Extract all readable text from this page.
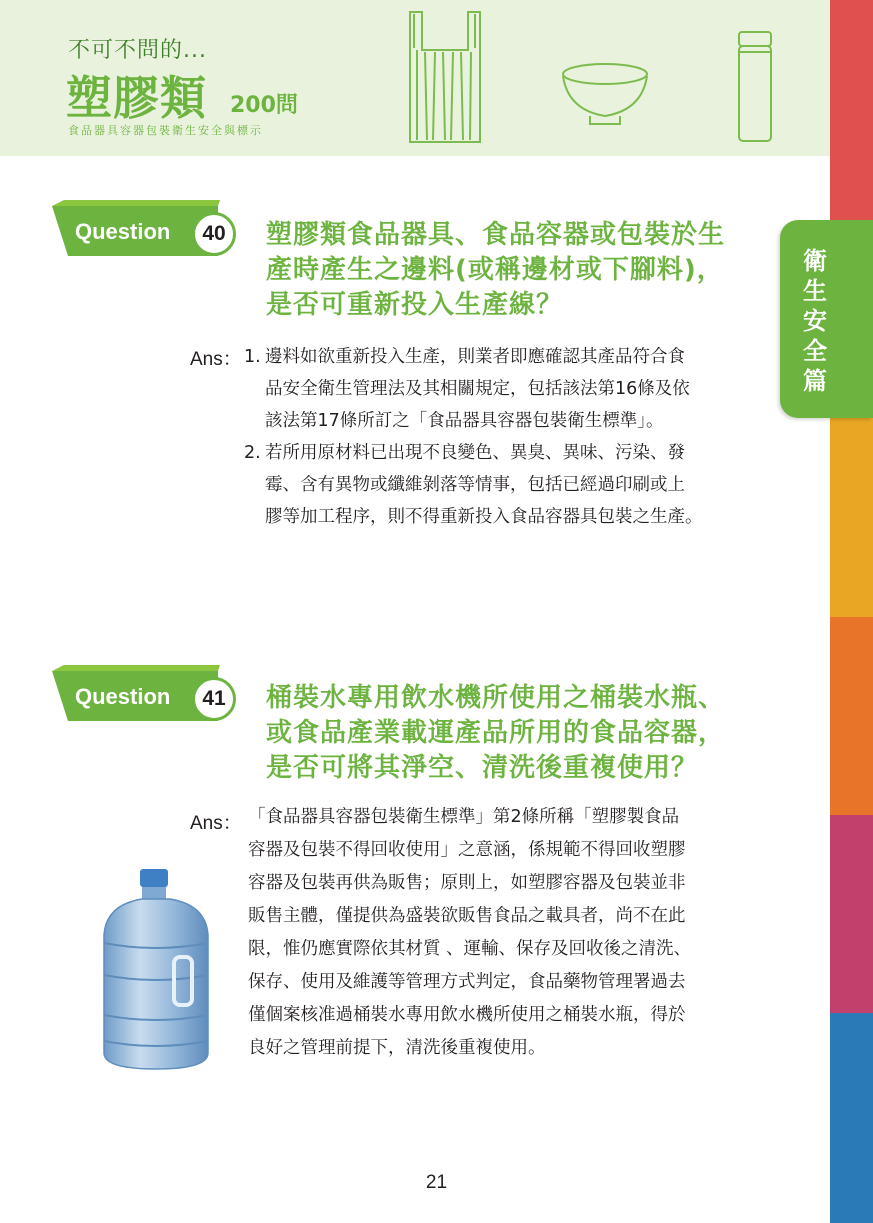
不可不問的...
塑膠類 200問
食品器具容器包裝衛生安全與標示
衛生安全篇
Question	40	塑膠類食品器具、食品容器或包裝於生
產時產生之邊料(或稱邊材或下腳料)，
是否可重新投入生產線？
Ans： 1. 邊料如欲重新投入生產，則業者即應確認其產品符合食
品安全衛生管理法及其相關規定，包括該法第16條及依
該法第17條所訂之「食品器具容器包裝衛生標準」。
2. 若所用原材料已出現不良變色、異臭、異味、污染、發
霉、含有異物或纖維剝落等情事，包括已經過印刷或上
膠等加工程序，則不得重新投入食品容器具包裝之生產。
Question	41	桶裝水專用飲水機所使用之桶裝水瓶、
或食品產業載運產品所用的食品容器，
是否可將其淨空、清洗後重複使用？
Ans： 「食品器具容器包裝衛生標準」第2條所稱「塑膠製食品
容器及包裝不得回收使用」之意涵，係規範不得回收塑膠
容器及包裝再供為販售；原則上，如塑膠容器及包裝並非
販售主體，僅提供為盛裝欲販售食品之載具者，尚不在此
限，惟仍應實際依其材質 、運輸、保存及回收後之清洗、
保存、使用及維護等管理方式判定，食品藥物管理署過去
僅個案核准過桶裝水專用飲水機所使用之桶裝水瓶，得於
良好之管理前提下，清洗後重複使用。
21
